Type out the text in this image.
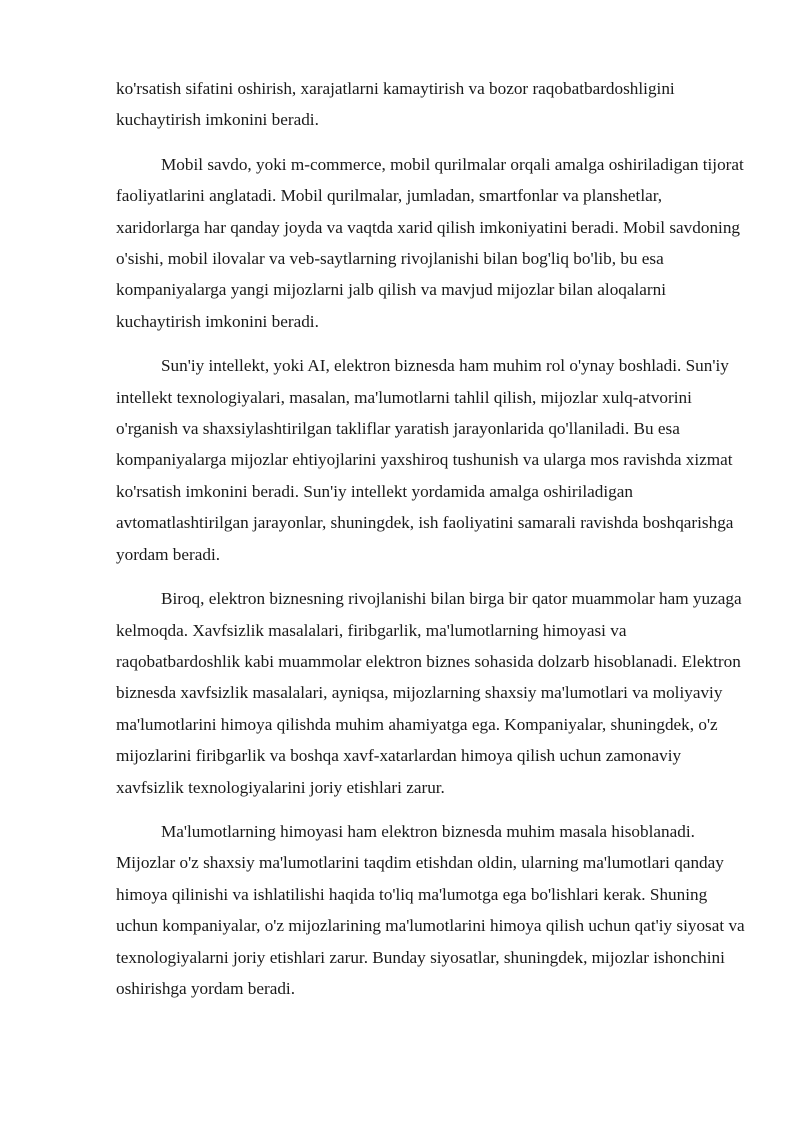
ko'rsatish sifatini oshirish, xarajatlarni kamaytirish va bozor raqobatbardoshligini kuchaytirish imkonini beradi.

Mobil savdo, yoki m-commerce, mobil qurilmalar orqali amalga oshiriladigan tijorat faoliyatlarini anglatadi. Mobil qurilmalar, jumladan, smartfonlar va planshetlar, xaridorlarga har qanday joyda va vaqtda xarid qilish imkoniyatini beradi. Mobil savdoning o'sishi, mobil ilovalar va veb-saytlarning rivojlanishi bilan bog'liq bo'lib, bu esa kompaniyalarga yangi mijozlarni jalb qilish va mavjud mijozlar bilan aloqalarni kuchaytirish imkonini beradi.

Sun'iy intellekt, yoki AI, elektron biznesda ham muhim rol o'ynay boshladi. Sun'iy intellekt texnologiyalari, masalan, ma'lumotlarni tahlil qilish, mijozlar xulq-atvorini o'rganish va shaxsiylashtirilgan takliflar yaratish jarayonlarida qo'llaniladi. Bu esa kompaniyalarga mijozlar ehtiyojlarini yaxshiroq tushunish va ularga mos ravishda xizmat ko'rsatish imkonini beradi. Sun'iy intellekt yordamida amalga oshiriladigan avtomatlashtirilgan jarayonlar, shuningdek, ish faoliyatini samarali ravishda boshqarishga yordam beradi.

Biroq, elektron biznesning rivojlanishi bilan birga bir qator muammolar ham yuzaga kelmoqda. Xavfsizlik masalalari, firibgarlik, ma'lumotlarning himoyasi va raqobatbardoshlik kabi muammolar elektron biznes sohasida dolzarb hisoblanadi. Elektron biznesda xavfsizlik masalalari, ayniqsa, mijozlarning shaxsiy ma'lumotlari va moliyaviy ma'lumotlarini himoya qilishda muhim ahamiyatga ega. Kompaniyalar, shuningdek, o'z mijozlarini firibgarlik va boshqa xavf-xatarlardan himoya qilish uchun zamonaviy xavfsizlik texnologiyalarini joriy etishlari zarur.

Ma'lumotlarning himoyasi ham elektron biznesda muhim masala hisoblanadi. Mijozlar o'z shaxsiy ma'lumotlarini taqdim etishdan oldin, ularning ma'lumotlari qanday himoya qilinishi va ishlatilishi haqida to'liq ma'lumotga ega bo'lishlari kerak. Shuning uchun kompaniyalar, o'z mijozlarining ma'lumotlarini himoya qilish uchun qat'iy siyosat va texnologiyalarni joriy etishlari zarur. Bunday siyosatlar, shuningdek, mijozlar ishonchini oshirishga yordam beradi.
